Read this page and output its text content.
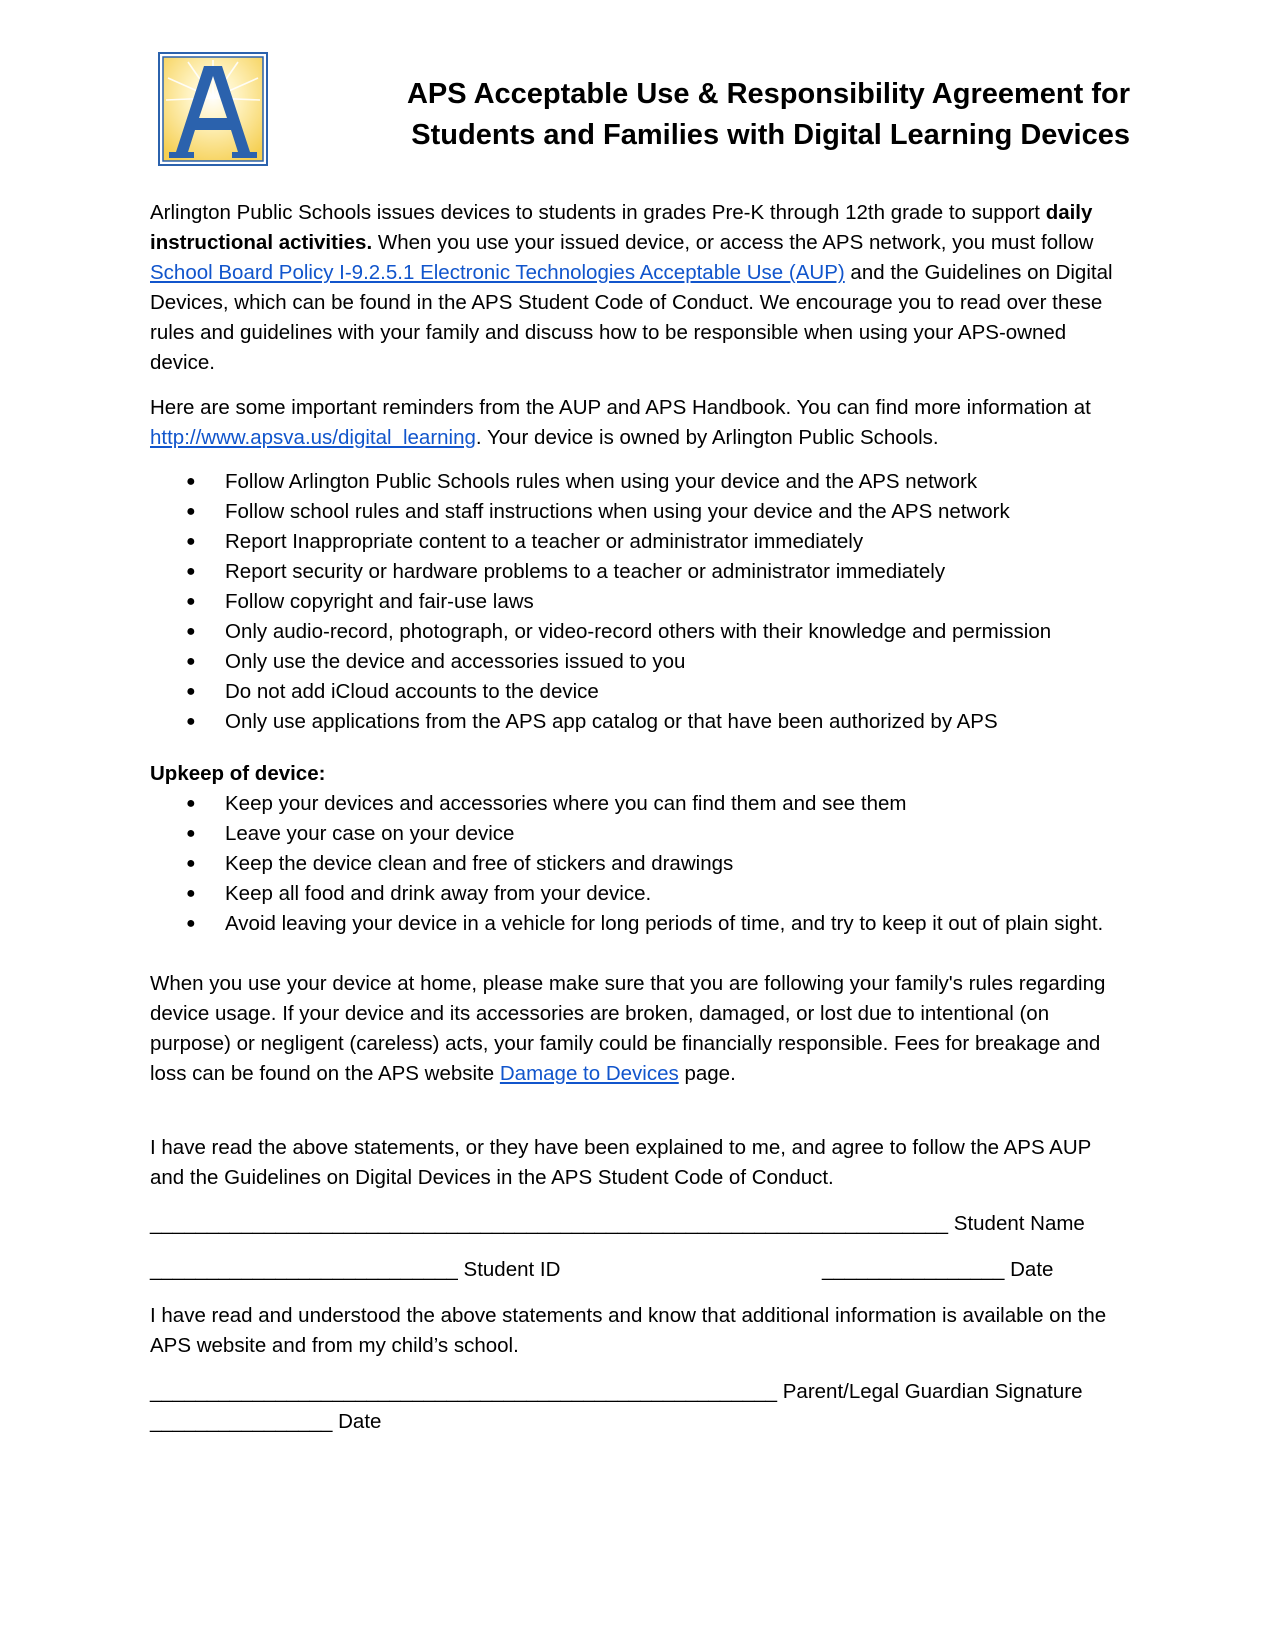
APS Acceptable Use & Responsibility Agreement for
Students and Families with Digital Learning Devices

Arlington Public Schools issues devices to students in grades Pre-K through 12th grade to support daily instructional activities. When you use your issued device, or access the APS network, you must follow School Board Policy I-9.2.5.1 Electronic Technologies Acceptable Use (AUP) and the Guidelines on Digital Devices, which can be found in the APS Student Code of Conduct. We encourage you to read over these rules and guidelines with your family and discuss how to be responsible when using your APS-owned device.

Here are some important reminders from the AUP and APS Handbook. You can find more information at http://www.apsva.us/digital_learning. Your device is owned by Arlington Public Schools.

● Follow Arlington Public Schools rules when using your device and the APS network
● Follow school rules and staff instructions when using your device and the APS network
● Report Inappropriate content to a teacher or administrator immediately
● Report security or hardware problems to a teacher or administrator immediately
● Follow copyright and fair-use laws
● Only audio-record, photograph, or video-record others with their knowledge and permission
● Only use the device and accessories issued to you
● Do not add iCloud accounts to the device
● Only use applications from the APS app catalog or that have been authorized by APS

Upkeep of device:

● Keep your devices and accessories where you can find them and see them
● Leave your case on your device
● Keep the device clean and free of stickers and drawings
● Keep all food and drink away from your device.
● Avoid leaving your device in a vehicle for long periods of time, and try to keep it out of plain sight.

When you use your device at home, please make sure that you are following your family's rules regarding device usage. If your device and its accessories are broken, damaged, or lost due to intentional (on purpose) or negligent (careless) acts, your family could be financially responsible. Fees for breakage and loss can be found on the APS website Damage to Devices page.

I have read the above statements, or they have been explained to me, and agree to follow the APS AUP and the Guidelines on Digital Devices in the APS Student Code of Conduct.

______________________________________________________________________ Student Name
___________________________ Student ID	________________ Date

I have read and understood the above statements and know that additional information is available on the APS website and from my child’s school.

_______________________________________________________ Parent/Legal Guardian Signature
________________ Date
